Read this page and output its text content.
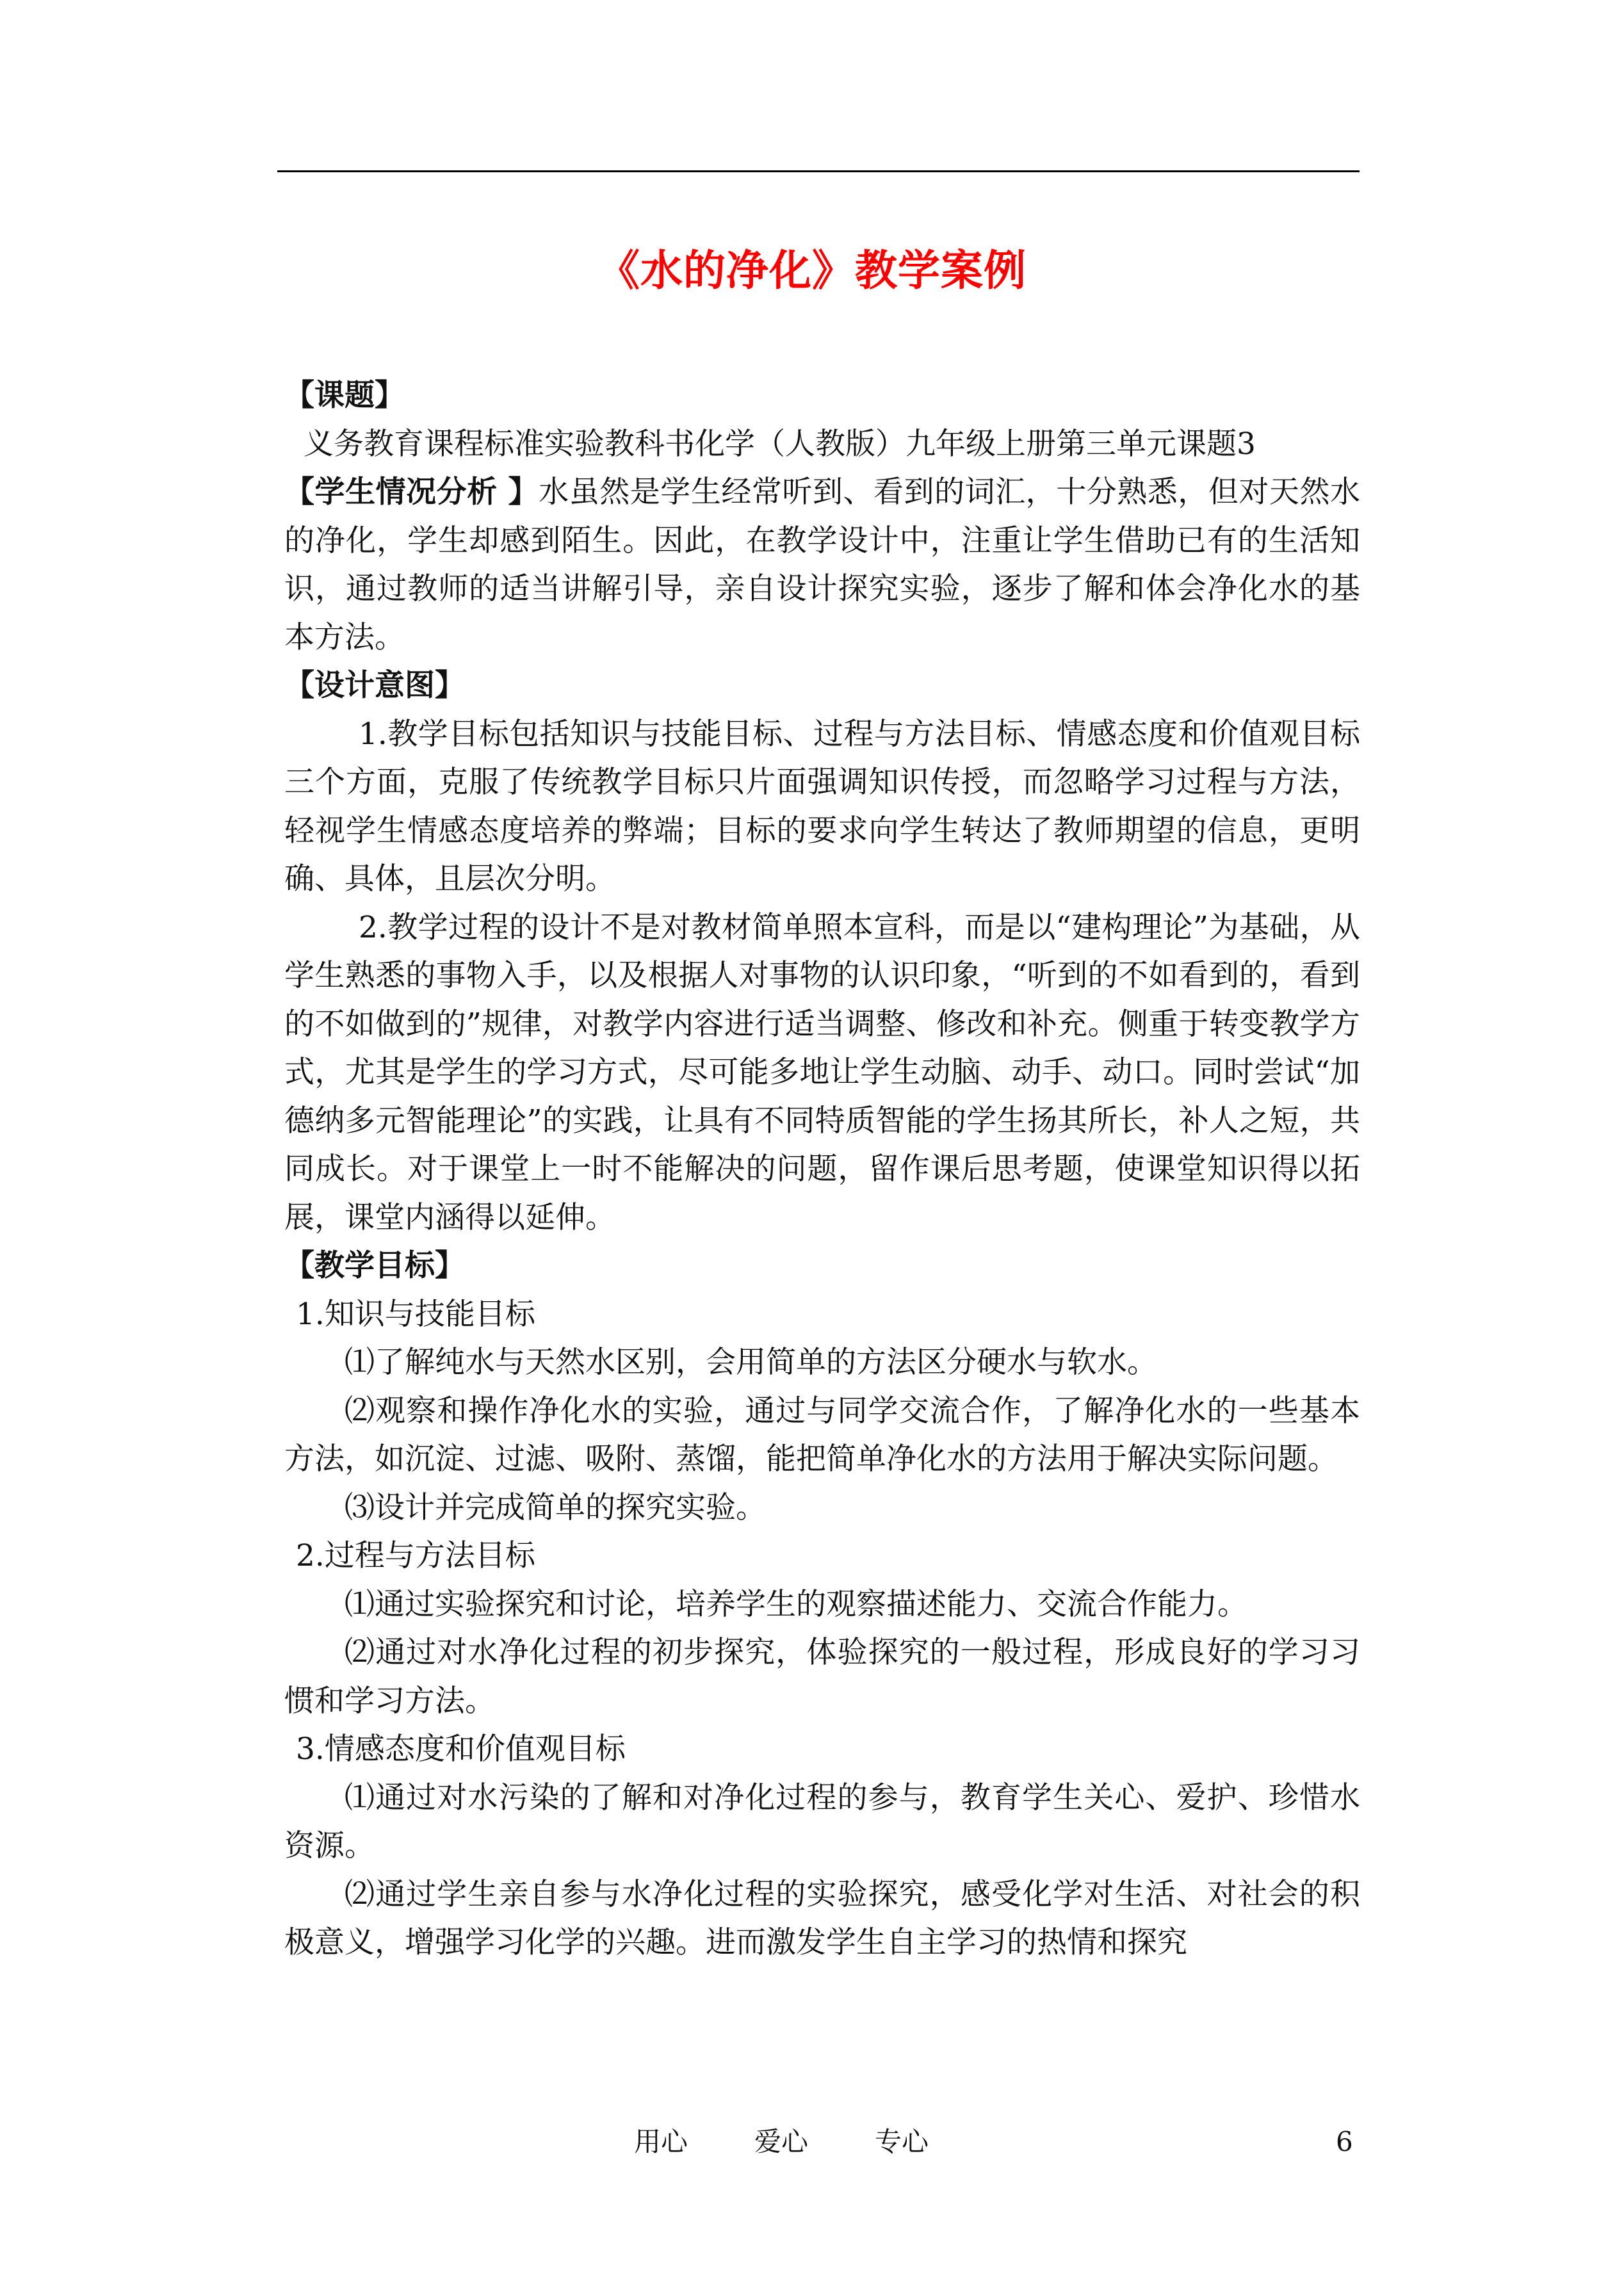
《水的净化》教学案例

【课题】

义务教育课程标准实验教科书化学（人教版）九年级上册第三单元课题3

【学生情况分析 】水虽然是学生经常听到、看到的词汇，十分熟悉，但对天然水的净化，学生却感到陌生。因此，在教学设计中，注重让学生借助已有的生活知识，通过教师的适当讲解引导，亲自设计探究实验，逐步了解和体会净化水的基本方法。

【设计意图】

1.教学目标包括知识与技能目标、过程与方法目标、情感态度和价值观目标三个方面，克服了传统教学目标只片面强调知识传授，而忽略学习过程与方法，轻视学生情感态度培养的弊端；目标的要求向学生转达了教师期望的信息，更明确、具体，且层次分明。

2.教学过程的设计不是对教材简单照本宣科，而是以“建构理论”为基础，从学生熟悉的事物入手，以及根据人对事物的认识印象，“听到的不如看到的，看到的不如做到的”规律，对教学内容进行适当调整、修改和补充。侧重于转变教学方式，尤其是学生的学习方式，尽可能多地让学生动脑、动手、动口。同时尝试“加德纳多元智能理论”的实践，让具有不同特质智能的学生扬其所长，补人之短，共同成长。对于课堂上一时不能解决的问题，留作课后思考题，使课堂知识得以拓展，课堂内涵得以延伸。

【教学目标】

1.知识与技能目标

⑴了解纯水与天然水区别，会用简单的方法区分硬水与软水。

⑵观察和操作净化水的实验，通过与同学交流合作，了解净化水的一些基本方法，如沉淀、过滤、吸附、蒸馏，能把简单净化水的方法用于解决实际问题。

⑶设计并完成简单的探究实验。

2.过程与方法目标

⑴通过实验探究和讨论，培养学生的观察描述能力、交流合作能力。

⑵通过对水净化过程的初步探究，体验探究的一般过程，形成良好的学习习惯和学习方法。

3.情感态度和价值观目标

⑴通过对水污染的了解和对净化过程的参与，教育学生关心、爱护、珍惜水资源。

⑵通过学生亲自参与水净化过程的实验探究，感受化学对生活、对社会的积极意义，增强学习化学的兴趣。进而激发学生自主学习的热情和探究

用心 爱心 专心	6
